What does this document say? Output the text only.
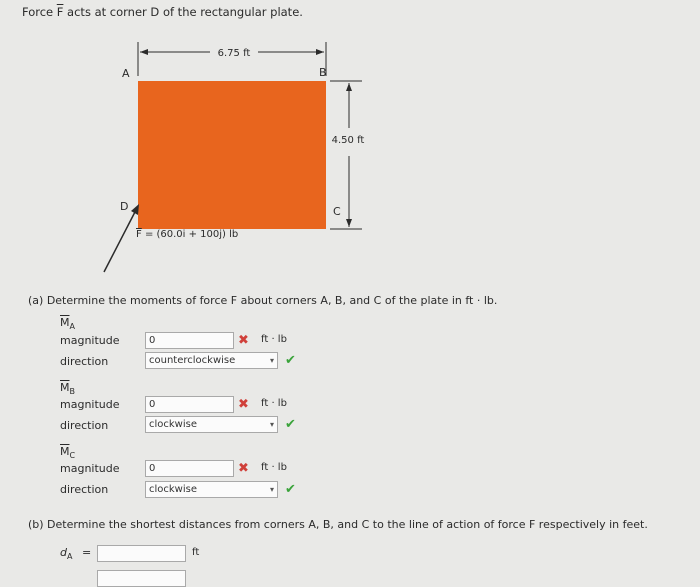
Force $\overline{F}$ acts at corner D of the rectangular plate.
6.75 ft
4.50 ft
A	B
C
D
$\overline{F} = (60.0i + 100j)$ lb
(a) Determine the moments of force F about corners A, B, and C of the plate in ft · lb.
$\overline{M}_A$
magnitude	0	✖ ft · lb
direction	counterclockwise	▾ ✔
$\overline{M}_B$
magnitude	0	✖ ft · lb
direction	clockwise	▾ ✔
$\overline{M}_C$
magnitude	0	✖ ft · lb
direction	clockwise	▾ ✔
(b) Determine the shortest distances from corners A, B, and C to the line of action of force F respectively in feet.
$d_A$ =	ft
